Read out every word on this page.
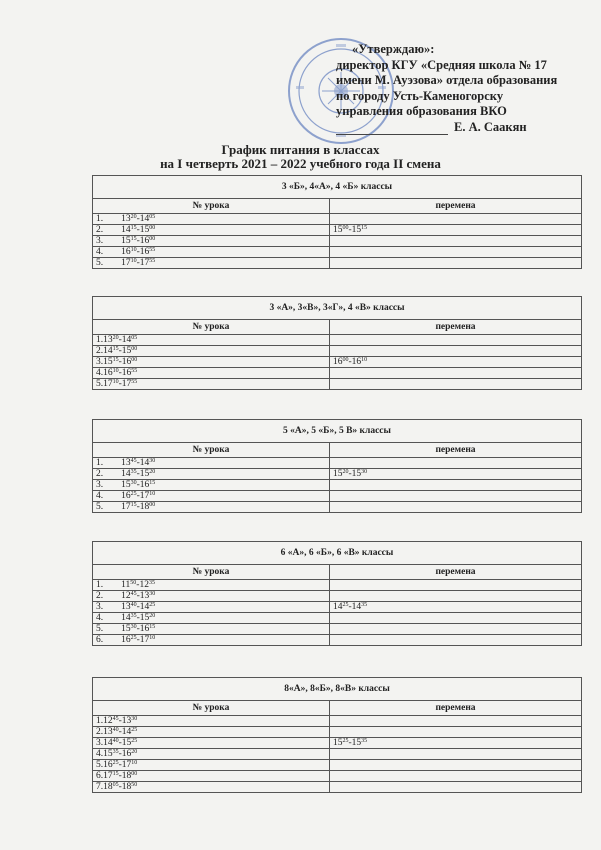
«Утверждаю»:
директор КГУ «Средняя школа № 17
имени М. Ауэзова» отдела образования
по городу Усть-Каменогорску
управления образования ВКО
Е. А. Саакян
График питания в классах
на I четверть 2021 – 2022 учебного года II смена
3 «Б», 4«А», 4 «Б» классы	
№ урока	перемена
1. $13^{20}-14^{05}$	
2. $14^{15}-15^{00}$	$15^{00}-15^{15}$
3. $15^{15}-16^{00}$	
4. $16^{10}-16^{55}$	
5. $17^{10}-17^{55}$	
3 «А», 3«В», 3«Г», 4 «В» классы	
№ урока	перемена
$1.13^{20}-14^{05}$	
$2.14^{15}-15^{00}$	
$3.15^{15}-16^{00}$	$16^{00}-16^{10}$
$4.16^{10}-16^{55}$	
$5.17^{10}-17^{55}$	
5 «А», 5 «Б», 5 В» классы	
№ урока	перемена
1. $13^{45}-14^{30}$	
2. $14^{35}-15^{20}$	$15^{20}-15^{30}$
3. $15^{30}-16^{15}$	
4. $16^{25}-17^{10}$	
5. $17^{15}-18^{00}$	
6 «А», 6 «Б», 6 «В» классы	
№ урока	перемена
1. $11^{50}-12^{35}$	
2. $12^{45}-13^{30}$	
3. $13^{40}-14^{25}$	$14^{25}-14^{35}$
4. $14^{35}-15^{20}$	
5. $15^{30}-16^{15}$	
6. $16^{25}-17^{10}$	
8«А», 8«Б», 8«В» классы	
№ урока	перемена
$1.12^{45}-13^{30}$	
$2.13^{40}-14^{25}$	
$3.14^{40}-15^{25}$	$15^{25}-15^{35}$
$4.15^{35}-16^{20}$	
$5.16^{25}-17^{10}$	
$6.17^{15}-18^{00}$	
$7.18^{05}-18^{50}$	
